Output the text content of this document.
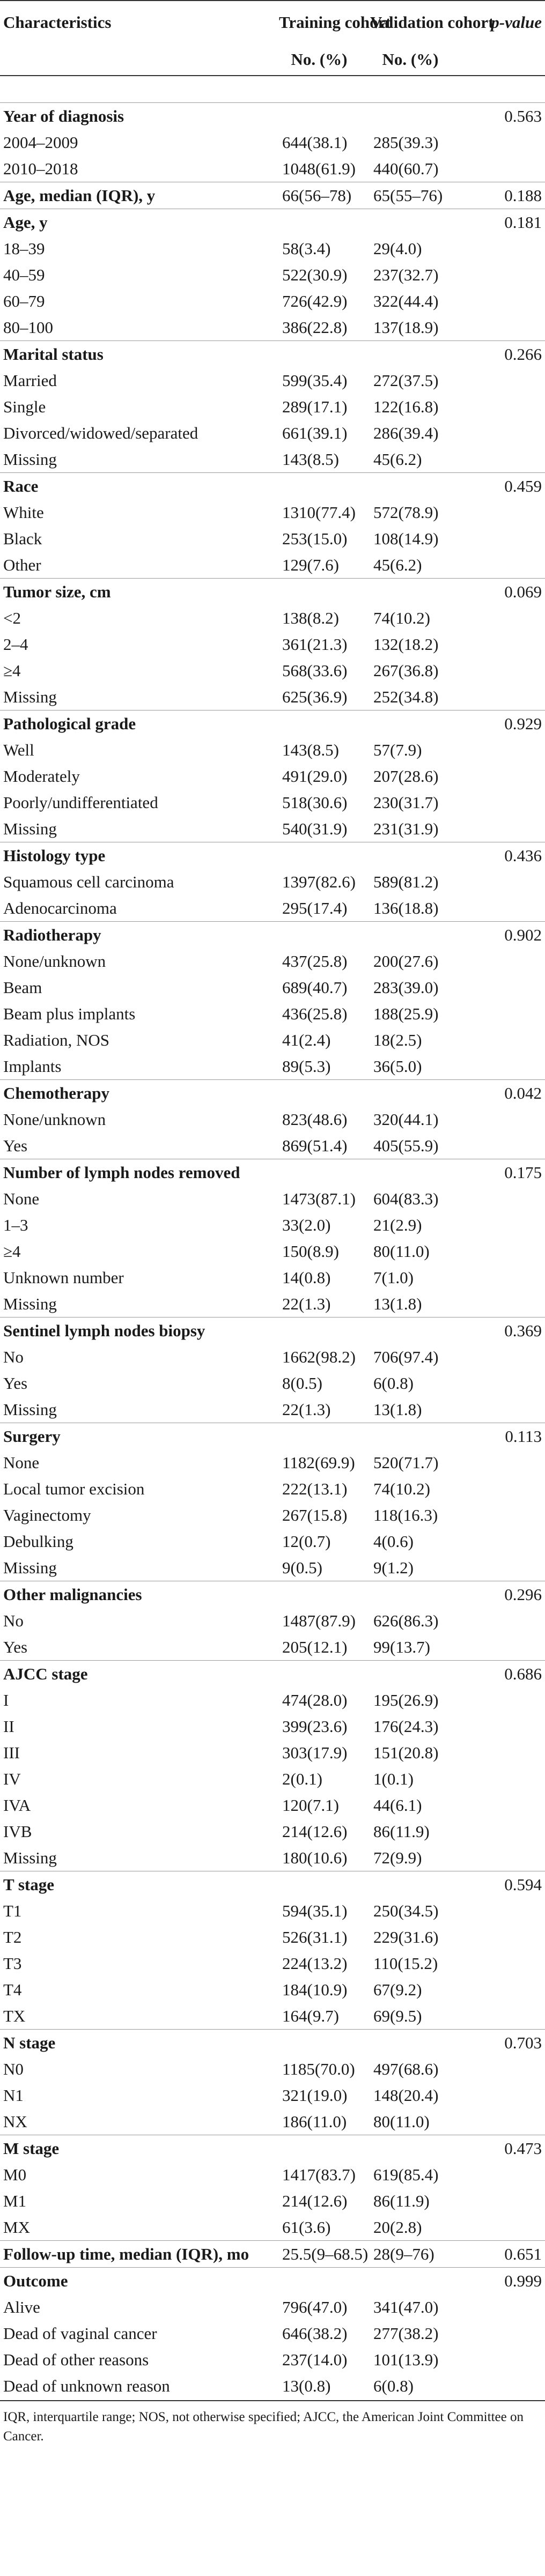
Characteristics	Training cohort	Validation cohort	p-value
	No. (%)	No. (%)	

Year of diagnosis			0.563
2004–2009	644(38.1)	285(39.3)	
2010–2018	1048(61.9)	440(60.7)	
Age, median (IQR), y	66(56–78)	65(55–76)	0.188
Age, y			0.181
18–39	58(3.4)	29(4.0)	
40–59	522(30.9)	237(32.7)	
60–79	726(42.9)	322(44.4)	
80–100	386(22.8)	137(18.9)	
Marital status			0.266
Married	599(35.4)	272(37.5)	
Single	289(17.1)	122(16.8)	
Divorced/widowed/separated	661(39.1)	286(39.4)	
Missing	143(8.5)	45(6.2)	
Race			0.459
White	1310(77.4)	572(78.9)	
Black	253(15.0)	108(14.9)	
Other	129(7.6)	45(6.2)	
Tumor size, cm			0.069
<2	138(8.2)	74(10.2)	
2–4	361(21.3)	132(18.2)	
≥4	568(33.6)	267(36.8)	
Missing	625(36.9)	252(34.8)	
Pathological grade			0.929
Well	143(8.5)	57(7.9)	
Moderately	491(29.0)	207(28.6)	
Poorly/undifferentiated	518(30.6)	230(31.7)	
Missing	540(31.9)	231(31.9)	
Histology type			0.436
Squamous cell carcinoma	1397(82.6)	589(81.2)	
Adenocarcinoma	295(17.4)	136(18.8)	
Radiotherapy			0.902
None/unknown	437(25.8)	200(27.6)	
Beam	689(40.7)	283(39.0)	
Beam plus implants	436(25.8)	188(25.9)	
Radiation, NOS	41(2.4)	18(2.5)	
Implants	89(5.3)	36(5.0)	
Chemotherapy			0.042
None/unknown	823(48.6)	320(44.1)	
Yes	869(51.4)	405(55.9)	
Number of lymph nodes removed			0.175
None	1473(87.1)	604(83.3)	
1–3	33(2.0)	21(2.9)	
≥4	150(8.9)	80(11.0)	
Unknown number	14(0.8)	7(1.0)	
Missing	22(1.3)	13(1.8)	
Sentinel lymph nodes biopsy			0.369
No	1662(98.2)	706(97.4)	
Yes	8(0.5)	6(0.8)	
Missing	22(1.3)	13(1.8)	
Surgery			0.113
None	1182(69.9)	520(71.7)	
Local tumor excision	222(13.1)	74(10.2)	
Vaginectomy	267(15.8)	118(16.3)	
Debulking	12(0.7)	4(0.6)	
Missing	9(0.5)	9(1.2)	
Other malignancies			0.296
No	1487(87.9)	626(86.3)	
Yes	205(12.1)	99(13.7)	
AJCC stage			0.686
I	474(28.0)	195(26.9)	
II	399(23.6)	176(24.3)	
III	303(17.9)	151(20.8)	
IV	2(0.1)	1(0.1)	
IVA	120(7.1)	44(6.1)	
IVB	214(12.6)	86(11.9)	
Missing	180(10.6)	72(9.9)	
T stage			0.594
T1	594(35.1)	250(34.5)	
T2	526(31.1)	229(31.6)	
T3	224(13.2)	110(15.2)	
T4	184(10.9)	67(9.2)	
TX	164(9.7)	69(9.5)	
N stage			0.703
N0	1185(70.0)	497(68.6)	
N1	321(19.0)	148(20.4)	
NX	186(11.0)	80(11.0)	
M stage			0.473
M0	1417(83.7)	619(85.4)	
M1	214(12.6)	86(11.9)	
MX	61(3.6)	20(2.8)	
Follow-up time, median (IQR), mo	25.5(9–68.5)	28(9–76)	0.651
Outcome			0.999
Alive	796(47.0)	341(47.0)	
Dead of vaginal cancer	646(38.2)	277(38.2)	
Dead of other reasons	237(14.0)	101(13.9)	
Dead of unknown reason	13(0.8)	6(0.8)	
IQR, interquartile range; NOS, not otherwise specified; AJCC, the American Joint Committee on Cancer.
